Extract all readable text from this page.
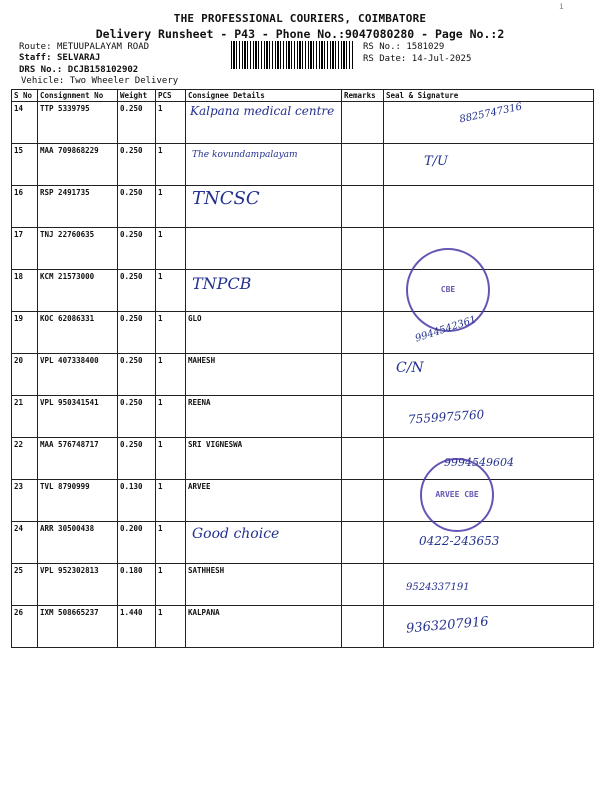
i
THE PROFESSIONAL COURIERS, COIMBATORE
Delivery Runsheet - P43 - Phone No.:9047080280 - Page No.:2
Route: METUUPALAYAM ROAD
Staff: SELVARAJ
DRS No.: DCJB158102902
Vehicle: Two Wheeler Delivery
RS No.: 1581029
RS Date: 14-Jul-2025
S No	Consignment No	Weight	PCS	Consignee Details	Remarks	Seal & Signature
14	TTP 5339795	0.250	1	Kalpana medical centre		8825747316

15	MAA 709868229	0.250	1	The kovundampalayam		T/U

16	RSP 2491735	0.250	1	TNCSC		

17	TNJ 22760635	0.250	1			
18	KCM 21573000	0.250	1	TNPCB		CBE

19	KOC 62086331	0.250	1	GLO		9944542361

20	VPL 407338400	0.250	1	MAHESH		C/N

21	VPL 950341541	0.250	1	REENA		7559975760

22	MAA 576748717	0.250	1	SRI VIGNESWA		9994549604

23	TVL 8790999	0.130	1	ARVEE		ARVEE CBE

24	ARR 30500438	0.200	1	Good choice		0422-243653

25	VPL 952302813	0.180	1	SATHHESH		9524337191

26	IXM 508665237	1.440	1	KALPANA		9363207916
